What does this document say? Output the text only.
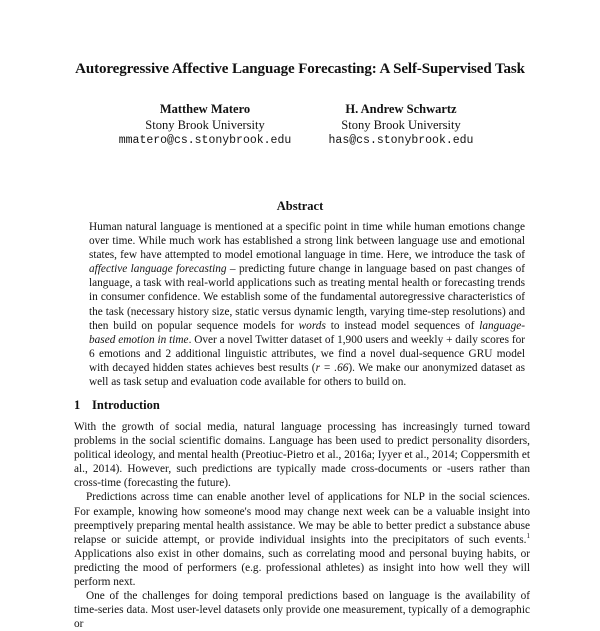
Autoregressive Affective Language Forecasting: A Self-Supervised Task
Matthew Matero
Stony Brook University
mmatero@cs.stonybrook.edu
H. Andrew Schwartz
Stony Brook University
has@cs.stonybrook.edu
Abstract
Human natural language is mentioned at a specific point in time while human emotions change over time. While much work has established a strong link between language use and emotional states, few have attempted to model emotional language in time. Here, we introduce the task of affective language forecasting – predicting future change in language based on past changes of language, a task with real-world applications such as treating mental health or forecasting trends in consumer confidence. We establish some of the fundamental autoregressive characteristics of the task (necessary history size, static versus dynamic length, varying time-step resolutions) and then build on popular sequence models for words to instead model sequences of language-based emotion in time. Over a novel Twitter dataset of 1,900 users and weekly + daily scores for 6 emotions and 2 additional linguistic attributes, we find a novel dual-sequence GRU model with decayed hidden states achieves best results (r = .66). We make our anonymized dataset as well as task setup and evaluation code available for others to build on.
1 Introduction

With the growth of social media, natural language processing has increasingly turned toward problems in the social scientific domains. Language has been used to predict personality disorders, political ideology, and mental health (Preotiuc-Pietro et al., 2016a; Iyyer et al., 2014; Coppersmith et al., 2014). However, such predictions are typically made cross-documents or -users rather than cross-time (forecasting the future).

Predictions across time can enable another level of applications for NLP in the social sciences. For example, knowing how someone's mood may change next week can be a valuable insight into preemptively preparing mental health assistance. We may be able to better predict a substance abuse relapse or suicide attempt, or provide individual insights into the precipitators of such events.$^1$ Applications also exist in other domains, such as correlating mood and personal buying habits, or predicting the mood of performers (e.g. professional athletes) as insight into how well they will perform next.

One of the challenges for doing temporal predictions based on language is the availability of time-series data. Most user-level datasets only provide one measurement, typically of a demographic or
